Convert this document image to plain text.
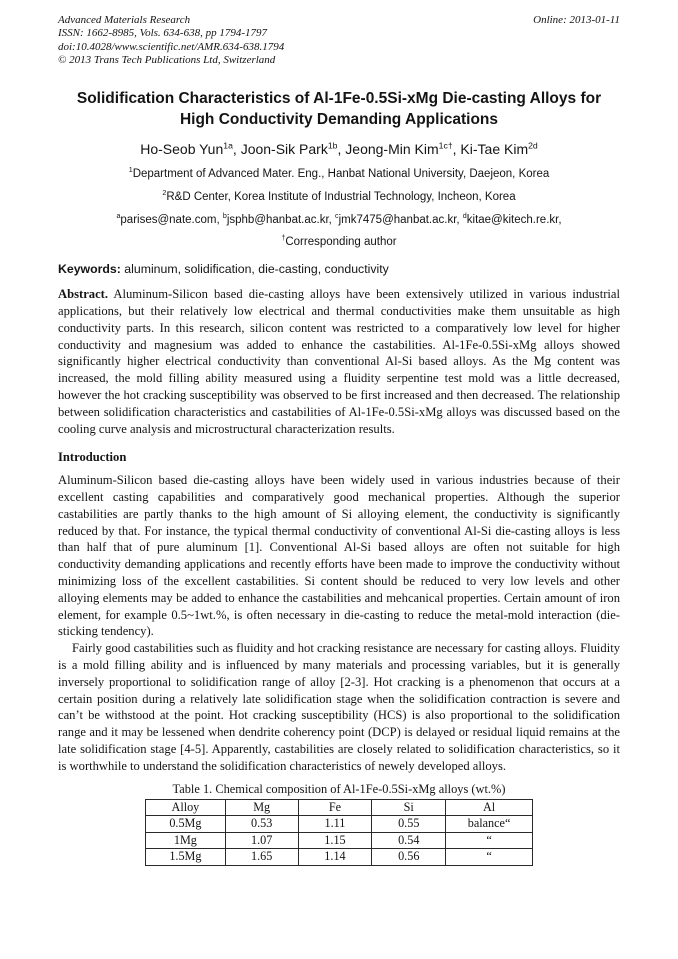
Advanced Materials Research
ISSN: 1662-8985, Vols. 634-638, pp 1794-1797
doi:10.4028/www.scientific.net/AMR.634-638.1794
© 2013 Trans Tech Publications Ltd, Switzerland
Online: 2013-01-11
Solidification Characteristics of Al-1Fe-0.5Si-xMg Die-casting Alloys for High Conductivity Demanding Applications
Ho-Seob Yun$^{1a}$, Joon-Sik Park$^{1b}$, Jeong-Min Kim$^{1c\dagger}$, Ki-Tae Kim$^{2d}$
$^1$Department of Advanced Mater. Eng., Hanbat National University, Daejeon, Korea
$^2$R&D Center, Korea Institute of Industrial Technology, Incheon, Korea
$^a$parises@nate.com, $^b$jsphb@hanbat.ac.kr, $^c$jmk7475@hanbat.ac.kr, $^d$kitae@kitech.re.kr,
†Corresponding author

Keywords: aluminum, solidification, die-casting, conductivity

Abstract. Aluminum-Silicon based die-casting alloys have been extensively utilized in various industrial applications, but their relatively low electrical and thermal conductivities make them unsuitable as high conductivity parts. In this research, silicon content was restricted to a comparatively low level for higher conductivity and magnesium was added to enhance the castabilities. Al-1Fe-0.5Si-xMg alloys showed significantly higher electrical conductivity than conventional Al-Si based alloys. As the Mg content was increased, the mold filling ability measured using a fluidity serpentine test mold was a little decreased, however the hot cracking susceptibility was observed to be first increased and then decreased. The relationship between solidification characteristics and castabilities of Al-1Fe-0.5Si-xMg alloys was discussed based on the cooling curve analysis and microstructural characterization results.

Introduction

Aluminum-Silicon based die-casting alloys have been widely used in various industries because of their excellent casting capabilities and comparatively good mechanical properties. Although the superior castabilities are partly thanks to the high amount of Si alloying element, the conductivity is significantly reduced by that. For instance, the typical thermal conductivity of conventional Al-Si die-casting alloys is less than half that of pure aluminum [1]. Conventional Al-Si based alloys are often not suitable for high conductivity demanding applications and recently efforts have been made to improve the conductivity without minimizing loss of the excellent castabilities. Si content should be reduced to very low levels and other alloying elements may be added to enhance the castabilities and mehcanical properties. Certain amount of iron element, for example 0.5~1wt.%, is often necessary in die-casting to reduce the metal-mold interaction (die-sticking tendency).

Fairly good castabilities such as fluidity and hot cracking resistance are necessary for casting alloys. Fluidity is a mold filling ability and is influenced by many materials and processing variables, but it is generally inversely proportional to solidification range of alloy [2-3]. Hot cracking is a phenomenon that occurs at a certain position during a relatively late solidification stage when the solidification contraction is severe and can’t be withstood at the point. Hot cracking susceptibility (HCS) is also proportional to the solidification range and it may be lessened when dendrite coherency point (DCP) is delayed or residual liquid remains at the late solidification stage [4-5]. Apparently, castabilities are closely related to solidification characteristics, so it is worthwhile to understand the solidification characteristics of newely developed alloys.

Table 1. Chemical composition of Al-1Fe-0.5Si-xMg alloys (wt.%)
Alloy	Mg	Fe	Si	Al
0.5Mg	0.53	1.11	0.55	balance“
1Mg	1.07	1.15	0.54	“
1.5Mg	1.65	1.14	0.56	“
